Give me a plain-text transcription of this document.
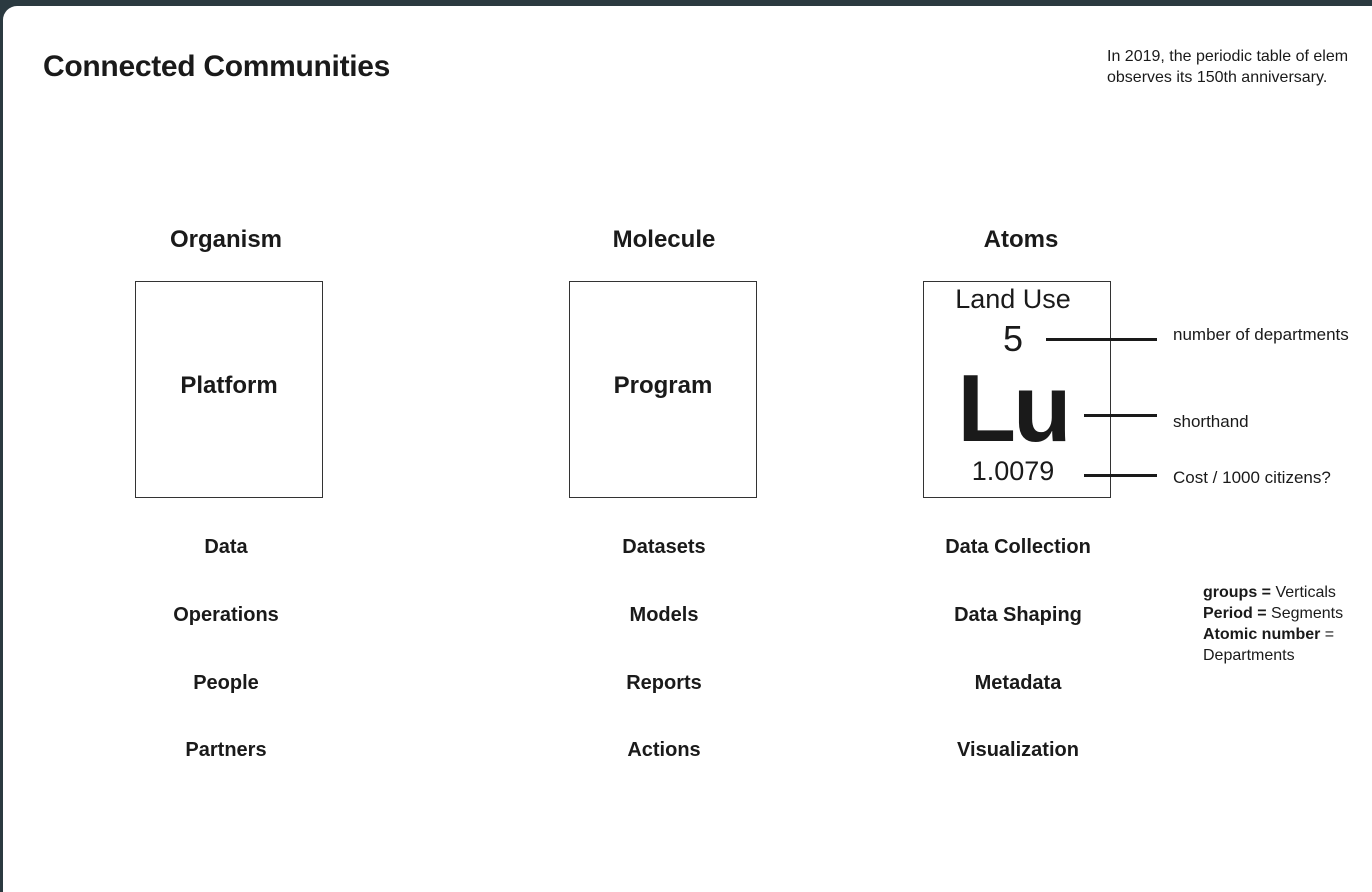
Connected Communities	In 2019, the periodic table of elem
observes its 150th anniversary.
Organism
Platform
Data
Operations
People
Partners
Molecule
Program
Datasets
Models
Reports
Actions
Atoms
Land Use
5
Lu
1.0079
Data Collection
Data Shaping
Metadata
Visualization
number of departments
shorthand
Cost / 1000 citizens?
groups = Verticals
Period = Segments
Atomic number =
Departments
